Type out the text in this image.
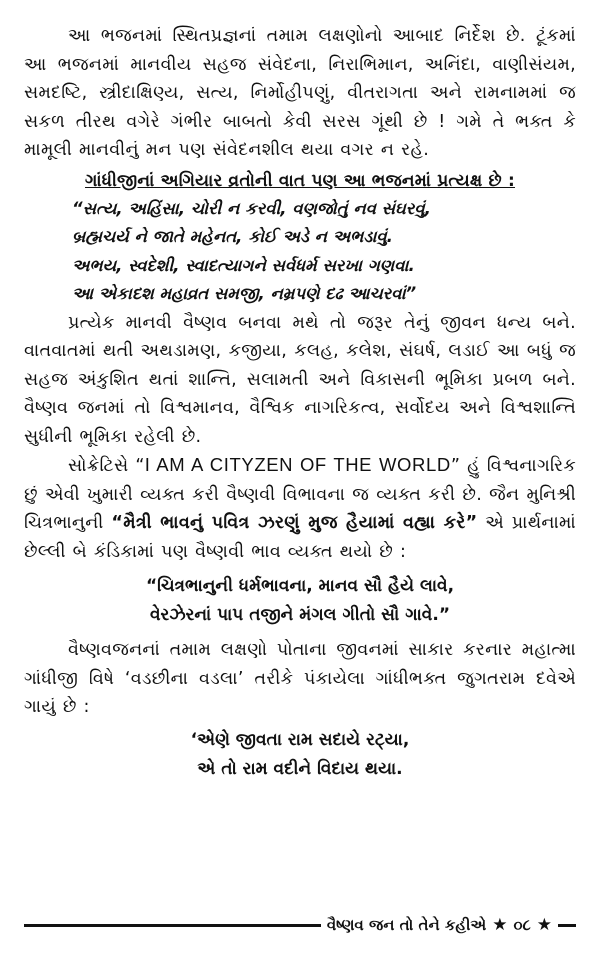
આ ભજનમાં સ્થિતપ્રજ્ઞનાં તમામ લક્ષણોનો આબાદ નિર્દેશ છે. ટૂંકમાં આ ભજનમાં માનવીય સહજ સંવેદના, નિરાભિમાન, અનિંદા, વાણીસંયમ, સમદષ્ટિ, સ્ત્રીદાક્ષિણ્ય, સત્ય, નિર્મોહીપણું, વીતરાગતા અને રામનામમાં જ સકળ તીરથ વગેરે ગંભીર બાબતો કેવી સરસ ગૂંથી છે ! ગમે તે ભક્ત કે મામૂલી માનવીનું મન પણ સંવેદનશીલ થયા વગર ન રહે.

ગાંધીજીનાં અગિયાર વ્રતોની વાત પણ આ ભજનમાં પ્રત્યક્ષ છે :
“સત્ય, અહિંસા, ચોરી ન કરવી, વણજોતું નવ સંઘરવું,
બ્રહ્મચર્ય ને જાતે મહેનત, કોઈ અડે ન અભડાવું.
અભય, સ્વદેશી, સ્વાદત્યાગને સર્વધર્મ સરખા ગણવા.
આ એકાદશ મહાવ્રત સમજી, નમ્રપણે દઢ આચરવાં”

પ્રત્યેક માનવી વૈષ્ણવ બનવા મથે તો જરૂર તેનું જીવન ધન્ય બને. વાતવાતમાં થતી અથડામણ, કજીયા, કલહ, કલેશ, સંઘર્ષ, લડાઈ આ બધું જ સહજ અંકુશિત થતાં શાન્તિ, સલામતી અને વિકાસની ભૂમિકા પ્રબળ બને. વૈષ્ણવ જનમાં તો વિશ્વમાનવ, વૈશ્વિક નાગરિકત્વ, સર્વોદય અને વિશ્વશાન્તિ સુધીની ભૂમિકા રહેલી છે.

સોક્રેટિસે “I AM A CITYZEN OF THE WORLD” હું વિશ્વનાગરિક છું એવી ખુમારી વ્યક્ત કરી વૈષ્ણવી વિભાવના જ વ્યક્ત કરી છે. જૈન મુનિશ્રી ચિત્રભાનુની “મૈત્રી ભાવનું પવિત્ર ઝરણું મુજ હૈયામાં વહ્યા કરે” એ પ્રાર્થનામાં છેલ્લી બે કંડિકામાં પણ વૈષ્ણવી ભાવ વ્યક્ત થયો છે :

“ચિત્રભાનુની ધર્મભાવના, માનવ સૌ હૈયે લાવે,
વેરઝેરનાં પાપ તજીને મંગલ ગીતો સૌ ગાવે.”

વૈષ્ણવજનનાં તમામ લક્ષણો પોતાના જીવનમાં સાકાર કરનાર મહાત્મા ગાંધીજી વિષે ‘વડછીના વડલા’ તરીકે પંકાયેલા ગાંધીભક્ત જુગતરામ દવેએ ગાયું છે :

‘એણે જીવતા રામ સદાયે રટ્યા,
એ તો રામ વદીને વિદાય થયા.
વૈષ્ણવ જન તો તેને કહીએ ★ ૦૮ ★
